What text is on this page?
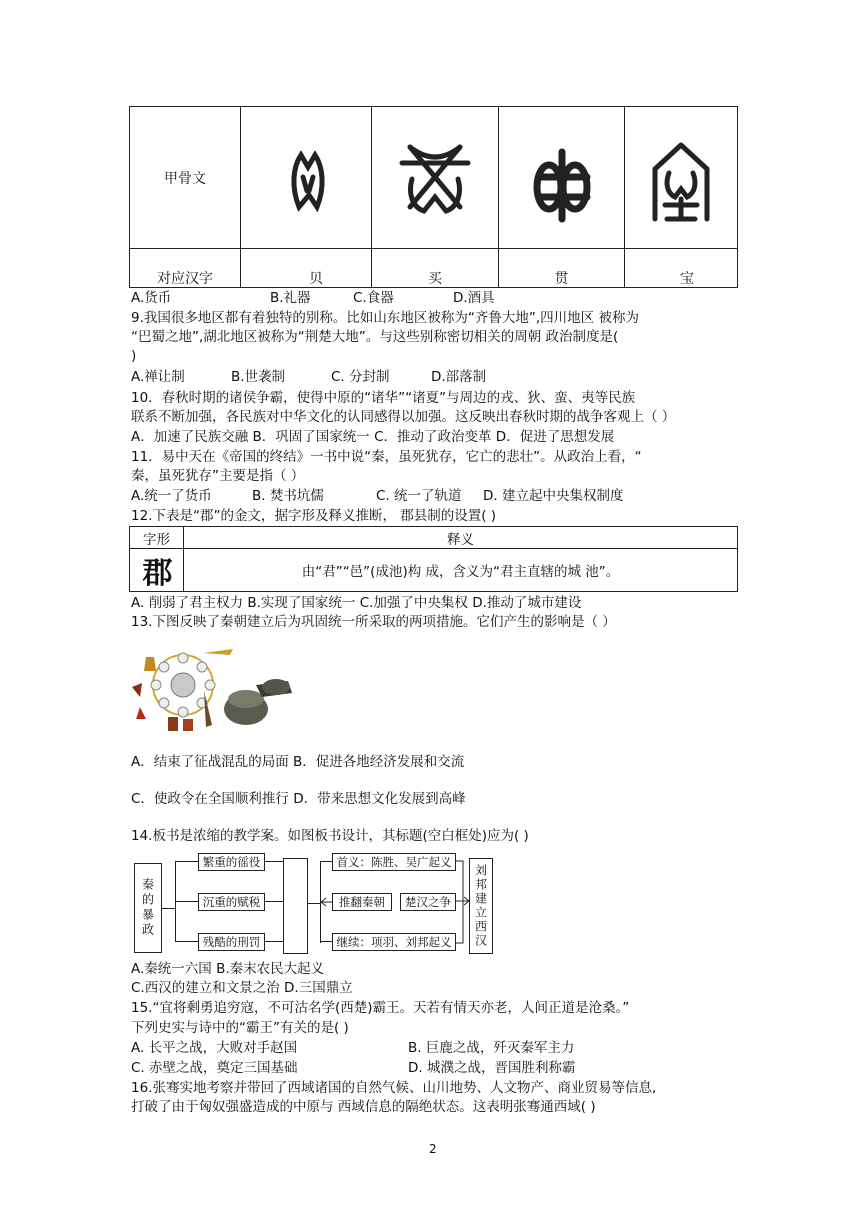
甲骨文
对应汉字	贝	买	贯	宝
A.货币	B.礼器	C.食器	D.酒具
9.我国很多地区都有着独特的别称。比如山东地区被称为“齐鲁大地”,四川地区 被称为
“巴蜀之地”,湖北地区被称为“荆楚大地”。与这些别称密切相关的周朝 政治制度是(
)
A.禅让制	B.世袭制	C. 分封制	D.部落制
10．春秋时期的诸侯争霸，使得中原的“诸华”“诸夏”与周边的戎、狄、蛮、夷等民族
联系不断加强，各民族对中华文化的认同感得以加强。这反映出春秋时期的战争客观上（ ）
A．加速了民族交融 B．巩固了国家统一 C．推动了政治变革 D．促进了思想发展
11．易中天在《帝国的终结》一书中说“秦，虽死犹存，它亡的悲壮”。从政治上看，“
秦，虽死犹存”主要是指（ ）
A.统一了货币	B. 焚书坑儒	C. 统一了轨道 D. 建立起中央集权制度
12.下表是“郡”的金文，据字形及释义推断， 郡县制的设置( )
字形	释义
郡	由“君”“邑”(成池)构 成，含义为“君主直辖的城 池”。
A. 削弱了君主权力 B.实现了国家统一 C.加强了中央集权 D.推动了城市建设
13.下图反映了秦朝建立后为巩固统一所采取的两项措施。它们产生的影响是（ ）
A．结束了征战混乱的局面 B．促进各地经济发展和交流
C．使政令在全国顺利推行 D．带来思想文化发展到高峰
14.板书是浓缩的教学案。如图板书设计，其标题(空白框处)应为( )
秦的暴政
繁重的徭役
沉重的赋税
残酷的刑罚
首义：陈胜、吴广起义
推翻秦朝	楚汉之争
继续：项羽、刘邦起义	刘邦建立西汉
A.秦统一六国 B.秦末农民大起义
C.西汉的建立和文景之治 D.三国鼎立
15.“宜将剩勇追穷寇，不可沽名学(西楚)霸王。天若有情天亦老，人间正道是沧桑。”
下列史实与诗中的“霸王”有关的是( )
A. 长平之战，大败对手赵国	B. 巨鹿之战，歼灭秦军主力
C. 赤壁之战，奠定三国基础	D. 城濮之战，晋国胜利称霸
16.张骞实地考察并带回了西域诸国的自然气候、山川地势、人文物产、商业贸易等信息,
打破了由于匈奴强盛造成的中原与 西域信息的隔绝状态。这表明张骞通西域( )
2
